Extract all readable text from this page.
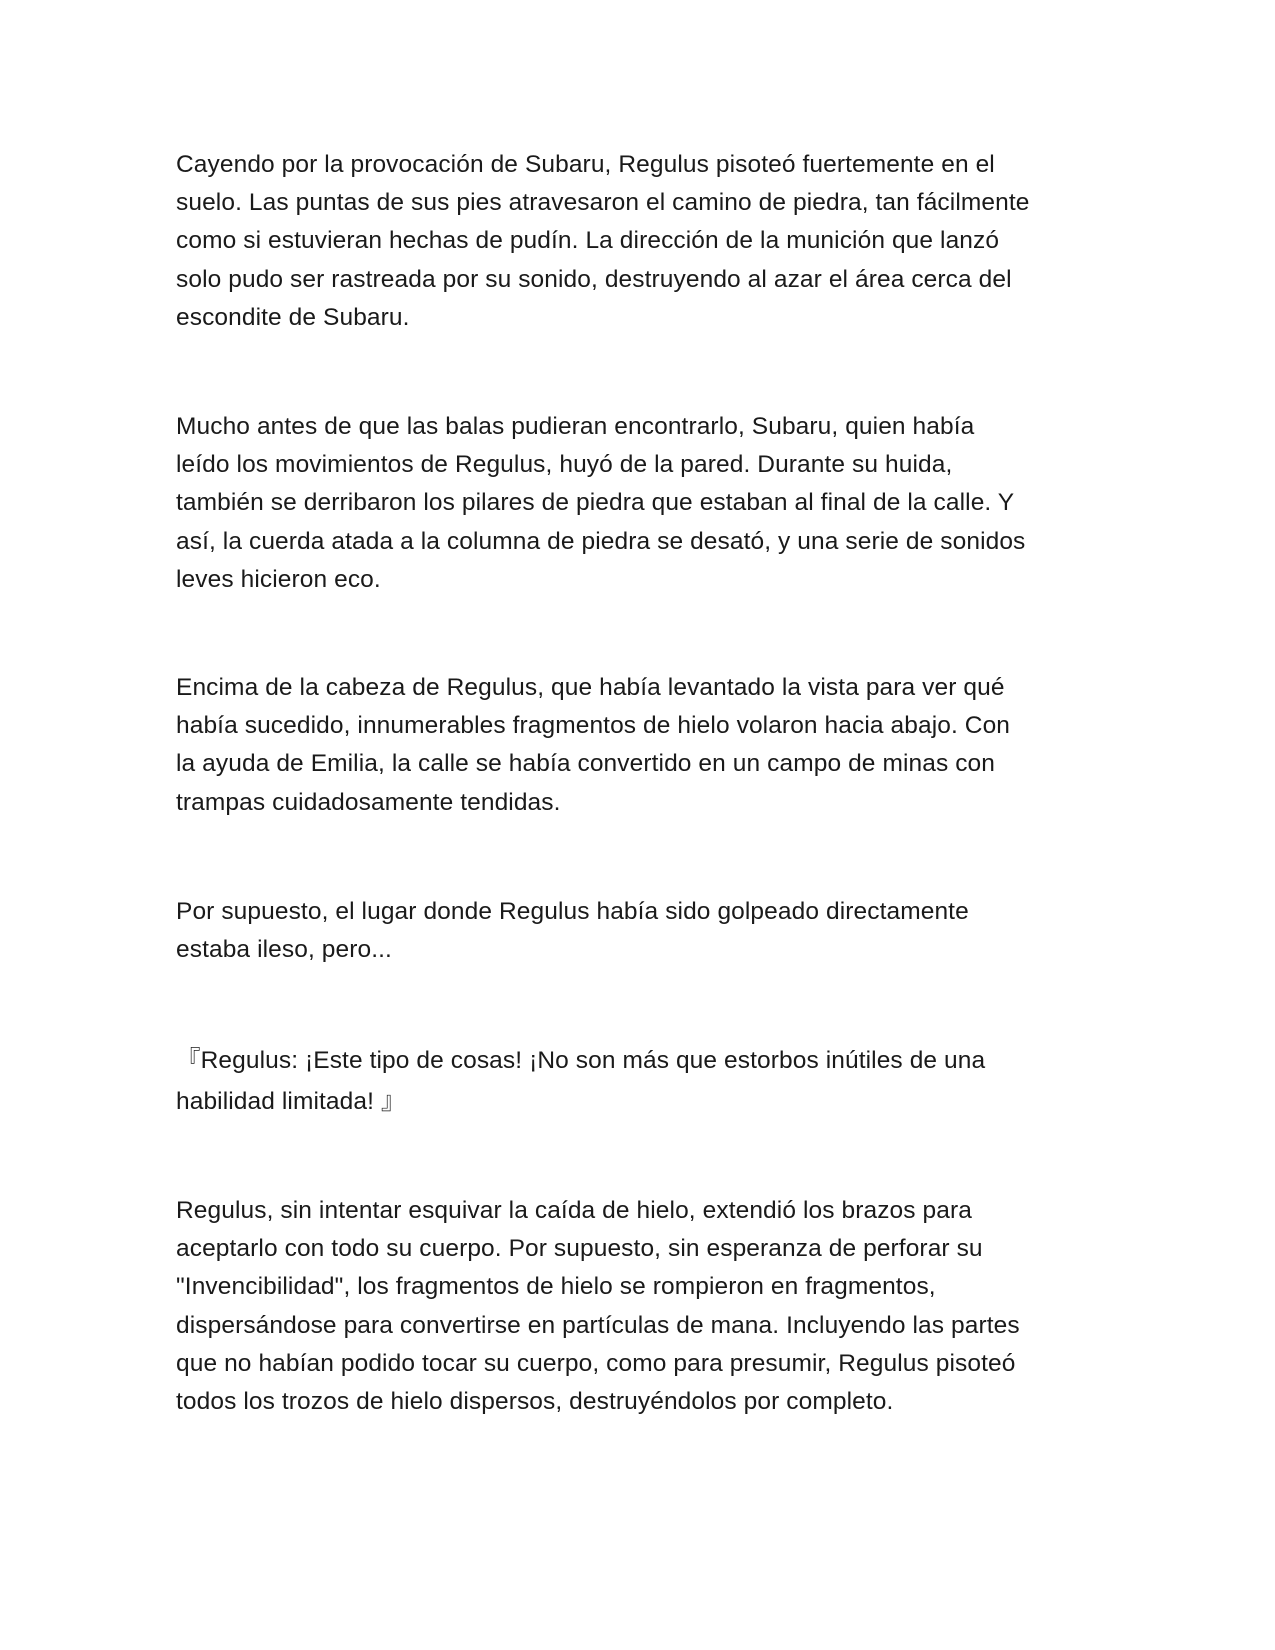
Cayendo por la provocación de Subaru, Regulus pisoteó fuertemente en el
suelo. Las puntas de sus pies atravesaron el camino de piedra, tan fácilmente
como si estuvieran hechas de pudín. La dirección de la munición que lanzó
solo pudo ser rastreada por su sonido, destruyendo al azar el área cerca del
escondite de Subaru.

Mucho antes de que las balas pudieran encontrarlo, Subaru, quien había
leído los movimientos de Regulus, huyó de la pared. Durante su huida,
también se derribaron los pilares de piedra que estaban al final de la calle. Y
así, la cuerda atada a la columna de piedra se desató, y una serie de sonidos
leves hicieron eco.

Encima de la cabeza de Regulus, que había levantado la vista para ver qué
había sucedido, innumerables fragmentos de hielo volaron hacia abajo. Con
la ayuda de Emilia, la calle se había convertido en un campo de minas con
trampas cuidadosamente tendidas.

Por supuesto, el lugar donde Regulus había sido golpeado directamente
estaba ileso, pero...

『Regulus: ¡Este tipo de cosas! ¡No son más que estorbos inútiles de una
habilidad limitada! 』

Regulus, sin intentar esquivar la caída de hielo, extendió los brazos para
aceptarlo con todo su cuerpo. Por supuesto, sin esperanza de perforar su
"Invencibilidad", los fragmentos de hielo se rompieron en fragmentos,
dispersándose para convertirse en partículas de mana. Incluyendo las partes
que no habían podido tocar su cuerpo, como para presumir, Regulus pisoteó
todos los trozos de hielo dispersos, destruyéndolos por completo.
